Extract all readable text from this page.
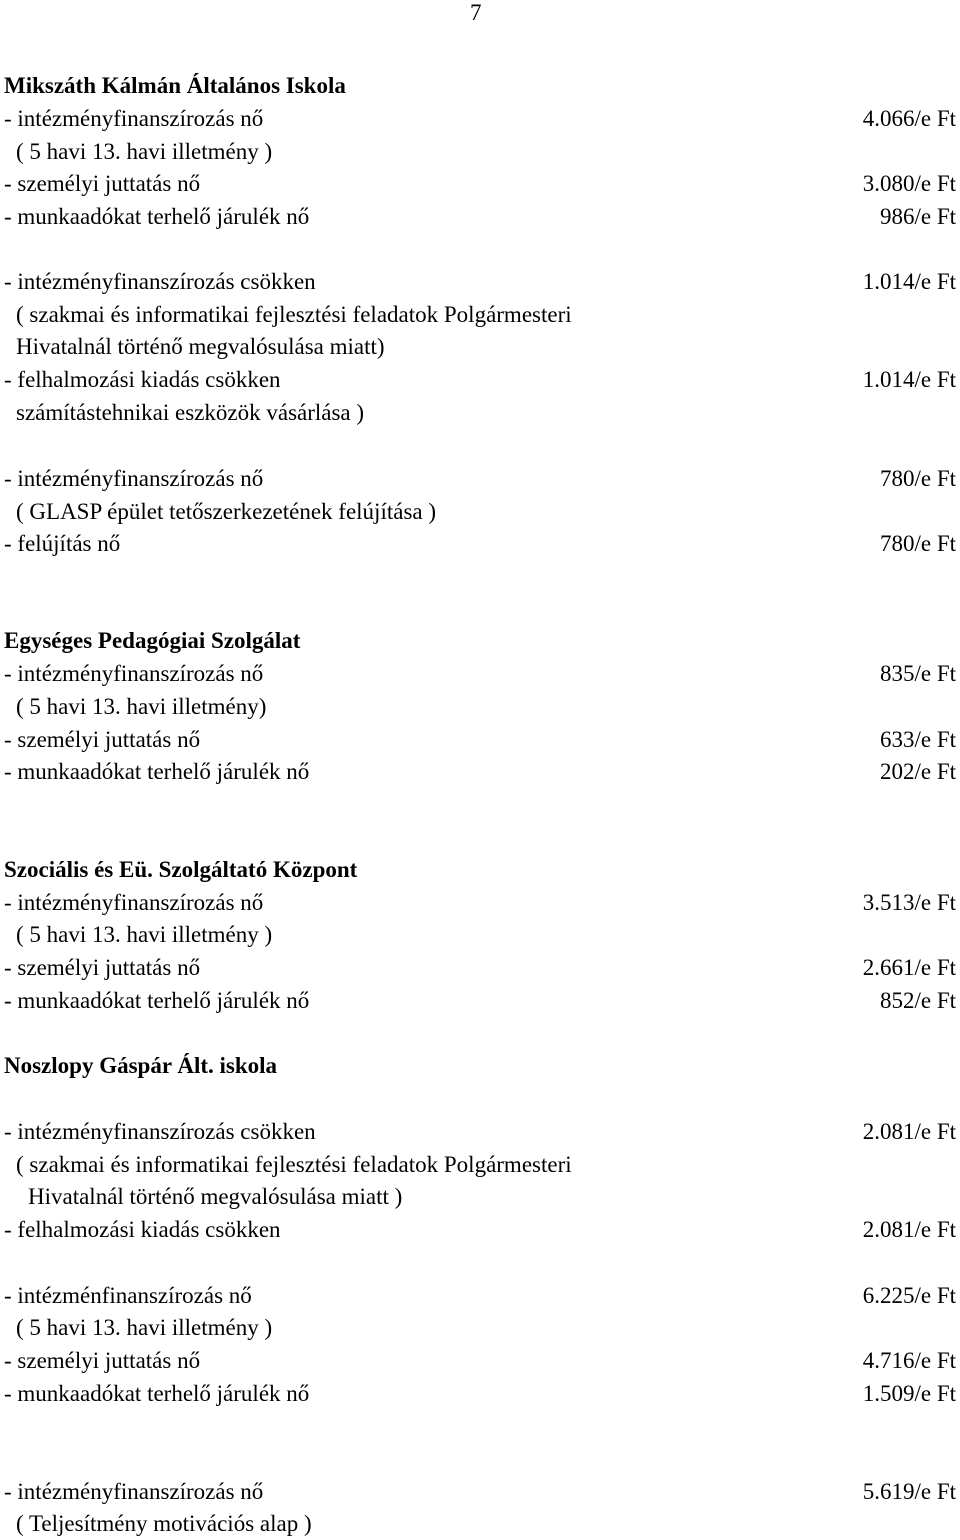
7
Mikszáth Kálmán Általános Iskola
- intézményfinanszírozás nő	4.066/e Ft
( 5 havi 13. havi illetmény )
- személyi juttatás nő	3.080/e Ft
- munkaadókat terhelő járulék nő	986/e Ft
- intézményfinanszírozás csökken	1.014/e Ft
( szakmai és informatikai fejlesztési feladatok Polgármesteri
Hivatalnál történő megvalósulása miatt)
- felhalmozási kiadás csökken	1.014/e Ft
számítástehnikai eszközök vásárlása )
- intézményfinanszírozás nő	780/e Ft
( GLASP épület tetőszerkezetének felújítása )
- felújítás nő	780/e Ft
Egységes Pedagógiai Szolgálat
- intézményfinanszírozás nő	835/e Ft
( 5 havi 13. havi illetmény)
- személyi juttatás nő	633/e Ft
- munkaadókat terhelő járulék nő	202/e Ft
Szociális és Eü. Szolgáltató Központ
- intézményfinanszírozás nő	3.513/e Ft
( 5 havi 13. havi illetmény )
- személyi juttatás nő	2.661/e Ft
- munkaadókat terhelő járulék nő	852/e Ft
Noszlopy Gáspár Ált. iskola
- intézményfinanszírozás csökken	2.081/e Ft
( szakmai és informatikai fejlesztési feladatok Polgármesteri
Hivatalnál történő megvalósulása miatt )
- felhalmozási kiadás csökken	2.081/e Ft
- intézménfinanszírozás nő	6.225/e Ft
( 5 havi 13. havi illetmény )
- személyi juttatás nő	4.716/e Ft
- munkaadókat terhelő járulék nő	1.509/e Ft
- intézményfinanszírozás nő	5.619/e Ft
( Teljesítmény motivációs alap )
